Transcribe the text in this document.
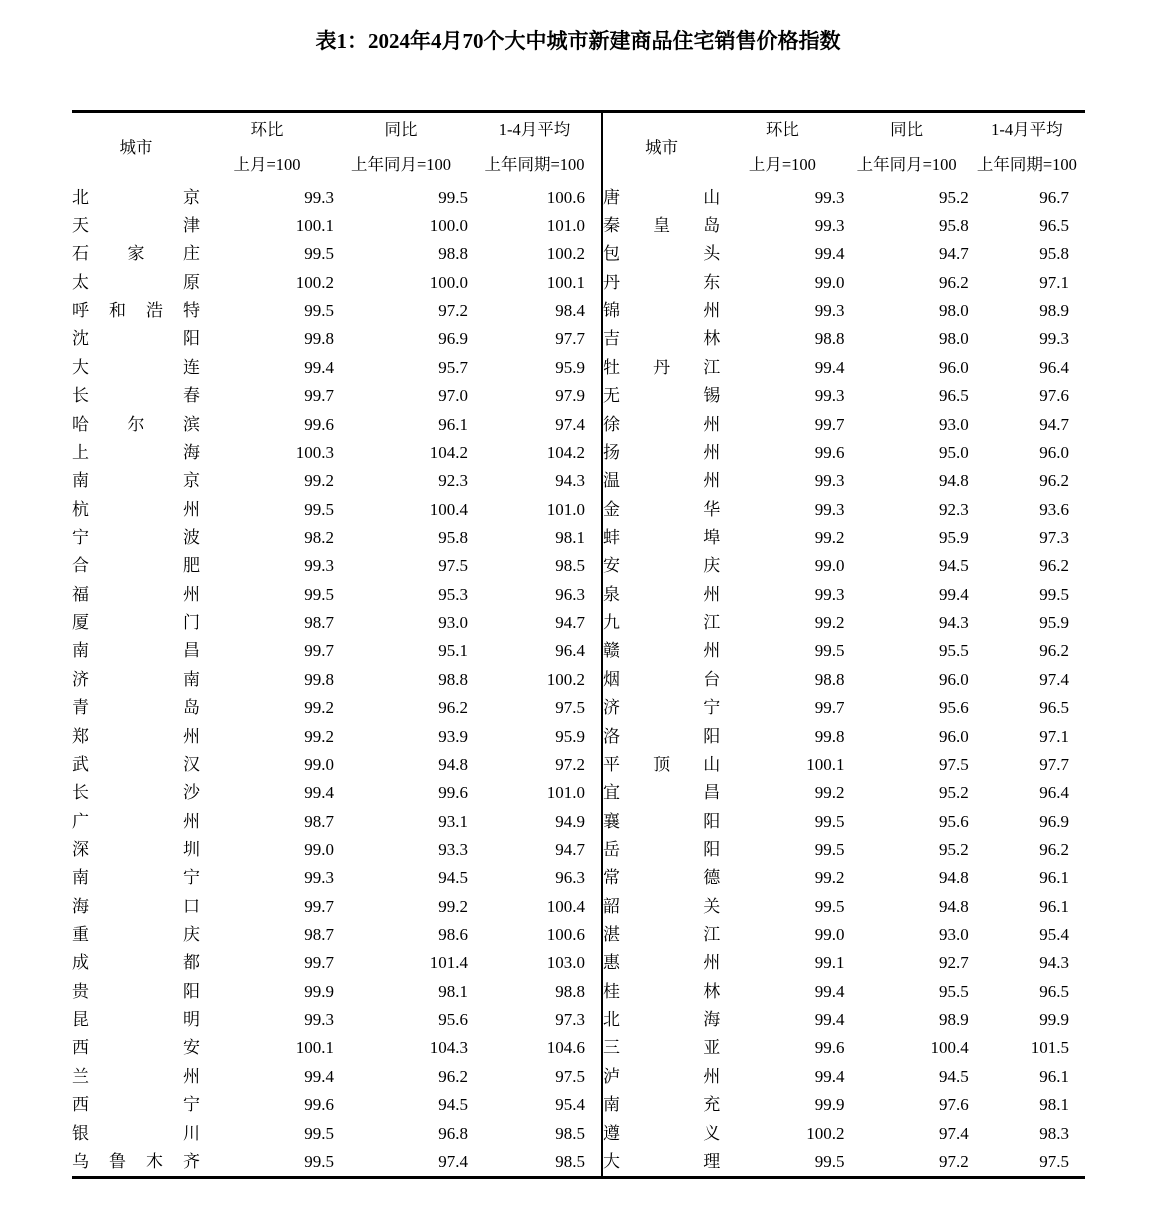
表1：2024年4月70个大中城市新建商品住宅销售价格指数
城市	环比	同比	1-4月平均
	上月=100	上年同月=100	上年同期=100
北京	99.3	99.5	100.6
天津	100.1	100.0	101.0
石家庄	99.5	98.8	100.2
太原	100.2	100.0	100.1
呼和浩特	99.5	97.2	98.4
沈阳	99.8	96.9	97.7
大连	99.4	95.7	95.9
长春	99.7	97.0	97.9
哈尔滨	99.6	96.1	97.4
上海	100.3	104.2	104.2
南京	99.2	92.3	94.3
杭州	99.5	100.4	101.0
宁波	98.2	95.8	98.1
合肥	99.3	97.5	98.5
福州	99.5	95.3	96.3
厦门	98.7	93.0	94.7
南昌	99.7	95.1	96.4
济南	99.8	98.8	100.2
青岛	99.2	96.2	97.5
郑州	99.2	93.9	95.9
武汉	99.0	94.8	97.2
长沙	99.4	99.6	101.0
广州	98.7	93.1	94.9
深圳	99.0	93.3	94.7
南宁	99.3	94.5	96.3
海口	99.7	99.2	100.4
重庆	98.7	98.6	100.6
成都	99.7	101.4	103.0
贵阳	99.9	98.1	98.8
昆明	99.3	95.6	97.3
西安	100.1	104.3	104.6
兰州	99.4	96.2	97.5
西宁	99.6	94.5	95.4
银川	99.5	96.8	98.5
乌鲁木齐	99.5	97.4	98.5
城市	环比	同比	1-4月平均
	上月=100	上年同月=100	上年同期=100
唐山	99.3	95.2	96.7
秦皇岛	99.3	95.8	96.5
包头	99.4	94.7	95.8
丹东	99.0	96.2	97.1
锦州	99.3	98.0	98.9
吉林	98.8	98.0	99.3
牡丹江	99.4	96.0	96.4
无锡	99.3	96.5	97.6
徐州	99.7	93.0	94.7
扬州	99.6	95.0	96.0
温州	99.3	94.8	96.2
金华	99.3	92.3	93.6
蚌埠	99.2	95.9	97.3
安庆	99.0	94.5	96.2
泉州	99.3	99.4	99.5
九江	99.2	94.3	95.9
赣州	99.5	95.5	96.2
烟台	98.8	96.0	97.4
济宁	99.7	95.6	96.5
洛阳	99.8	96.0	97.1
平顶山	100.1	97.5	97.7
宜昌	99.2	95.2	96.4
襄阳	99.5	95.6	96.9
岳阳	99.5	95.2	96.2
常德	99.2	94.8	96.1
韶关	99.5	94.8	96.1
湛江	99.0	93.0	95.4
惠州	99.1	92.7	94.3
桂林	99.4	95.5	96.5
北海	99.4	98.9	99.9
三亚	99.6	100.4	101.5
泸州	99.4	94.5	96.1
南充	99.9	97.6	98.1
遵义	100.2	97.4	98.3
大理	99.5	97.2	97.5
